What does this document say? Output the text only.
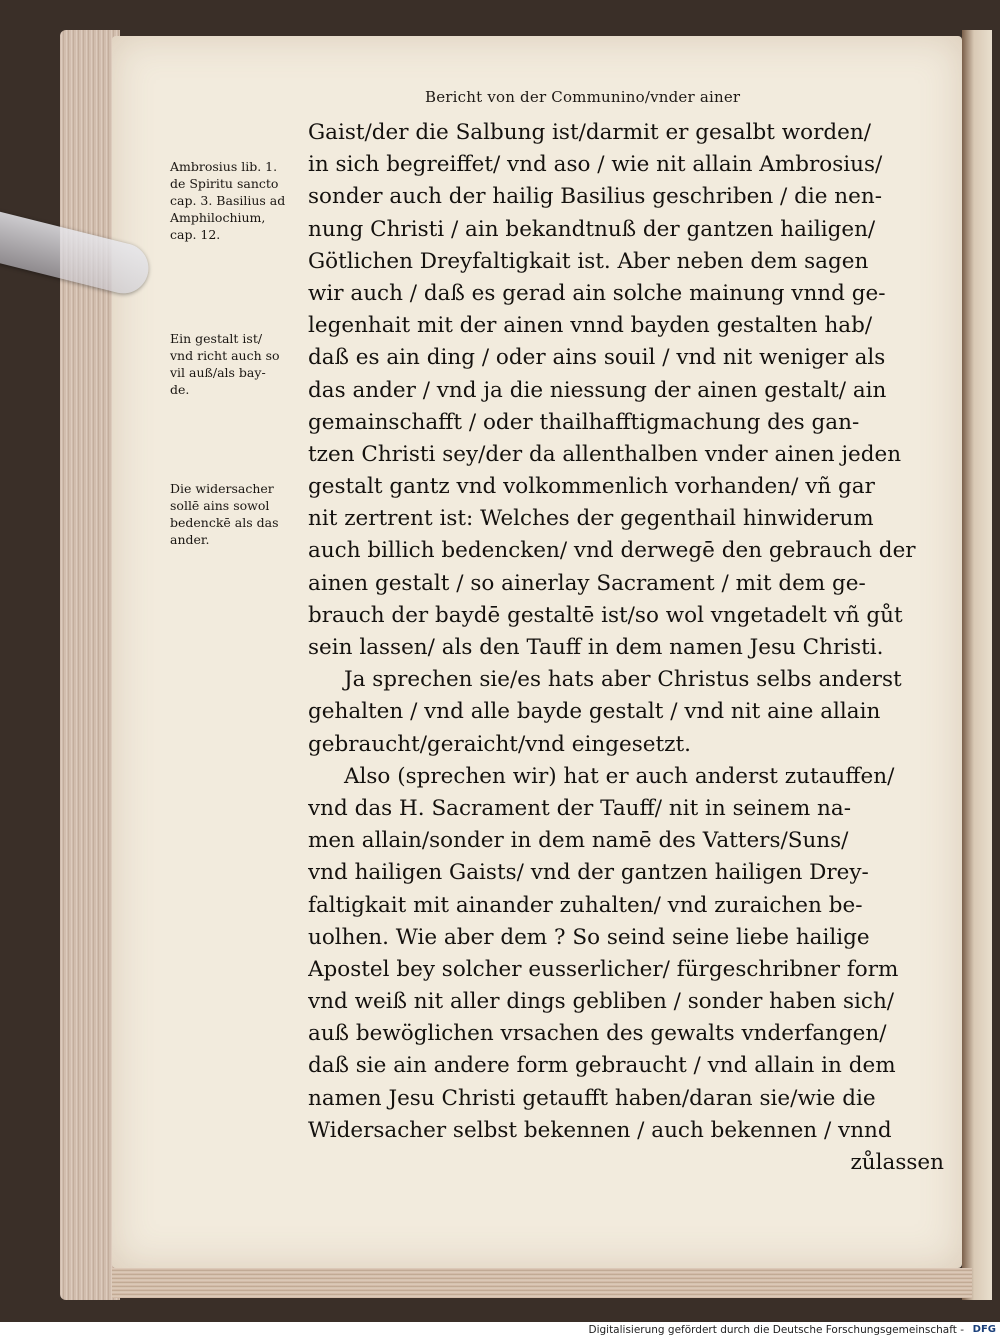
Bericht von der Communino/vnder ainer
Ambrosius lib. 1.
de Spiritu sancto
cap. 3. Basilius ad
Amphilochium,
cap. 12.
Ein gestalt ist/
vnd richt auch so
vil auß/als bay-
de.
Die widersacher
sollē ains sowol
bedenckē als das
ander.
Gaist/der die Salbung ist/darmit er gesalbt worden/
in sich begreiffet/ vnd aso / wie nit allain Ambrosius/
sonder auch der hailig Basilius geschriben / die nen-
nung Christi / ain bekandtnuß der gantzen hailigen/
Götlichen Dreyfaltigkait ist. Aber neben dem sagen
wir auch / daß es gerad ain solche mainung vnnd ge-
legenhait mit der ainen vnnd bayden gestalten hab/
daß es ain ding / oder ains souil / vnd nit weniger als
das ander / vnd ja die niessung der ainen gestalt/ ain
gemainschafft / oder thailhafftigmachung des gan-
tzen Christi sey/der da allenthalben vnder ainen jeden
gestalt gantz vnd volkommenlich vorhanden/ vñ gar
nit zertrent ist: Welches der gegenthail hinwiderum
auch billich bedencken/ vnd derwegē den gebrauch der
ainen gestalt / so ainerlay Sacrament / mit dem ge-
brauch der baydē gestaltē ist/so wol vngetadelt vñ gůt
sein lassen/ als den Tauff in dem namen Jesu Christi.
Ja sprechen sie/es hats aber Christus selbs anderst
gehalten / vnd alle bayde gestalt / vnd nit aine allain
gebraucht/geraicht/vnd eingesetzt.
Also (sprechen wir) hat er auch anderst zutauffen/
vnd das H. Sacrament der Tauff/ nit in seinem na-
men allain/sonder in dem namē des Vatters/Suns/
vnd hailigen Gaists/ vnd der gantzen hailigen Drey-
faltigkait mit ainander zuhalten/ vnd zuraichen be-
uolhen. Wie aber dem ? So seind seine liebe hailige
Apostel bey solcher eusserlicher/ fürgeschribner form
vnd weiß nit aller dings gebliben / sonder haben sich/
auß bewöglichen vrsachen des gewalts vnderfangen/
daß sie ain andere form gebraucht / vnd allain in dem
namen Jesu Christi getaufft haben/daran sie/wie die
Widersacher selbst bekennen / auch bekennen / vnnd
zůlassen
Digitalisierung gefördert durch die Deutsche Forschungsgemeinschaft - DFG
